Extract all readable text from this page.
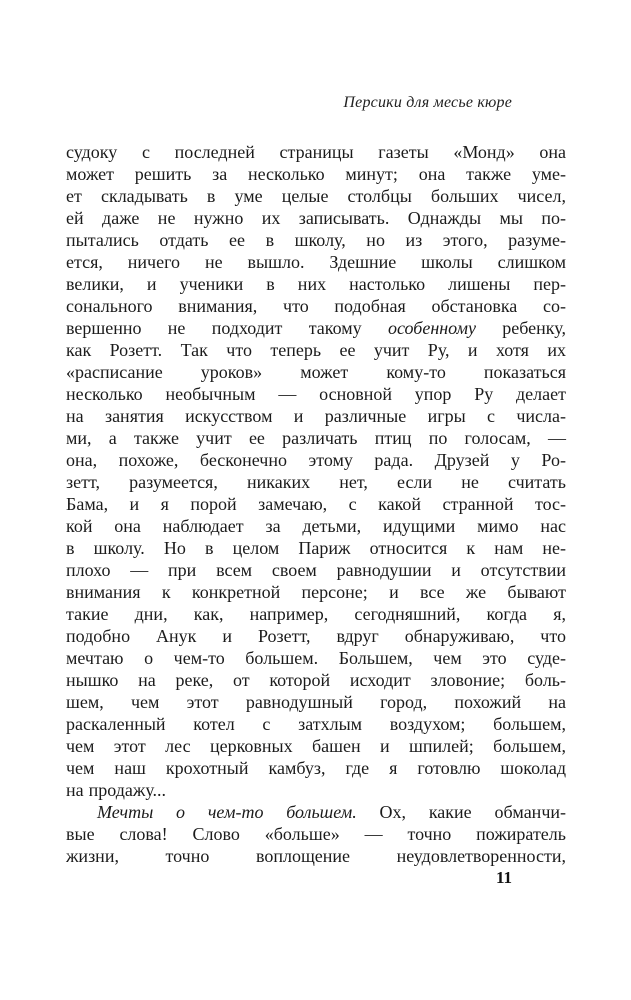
Персики для месье кюре
судоку с последней страницы газеты «Монд» она
может решить за несколько минут; она также уме-
ет складывать в уме целые столбцы больших чисел,
ей даже не нужно их записывать. Однажды мы по-
пытались отдать ее в школу, но из этого, разуме-
ется, ничего не вышло. Здешние школы слишком
велики, и ученики в них настолько лишены пер-
сонального внимания, что подобная обстановка со-
вершенно не подходит такому особенному ребенку,
как Розетт. Так что теперь ее учит Ру, и хотя их
«расписание уроков» может кому-то показаться
несколько необычным — основной упор Ру делает
на занятия искусством и различные игры с числа-
ми, а также учит ее различать птиц по голосам, —
она, похоже, бесконечно этому рада. Друзей у Ро-
зетт, разумеется, никаких нет, если не считать
Бама, и я порой замечаю, с какой странной тос-
кой она наблюдает за детьми, идущими мимо нас
в школу. Но в целом Париж относится к нам не-
плохо — при всем своем равнодушии и отсутствии
внимания к конкретной персоне; и все же бывают
такие дни, как, например, сегодняшний, когда я,
подобно Анук и Розетт, вдруг обнаруживаю, что
мечтаю о чем-то большем. Большем, чем это суде-
нышко на реке, от которой исходит зловоние; боль-
шем, чем этот равнодушный город, похожий на
раскаленный котел с затхлым воздухом; большем,
чем этот лес церковных башен и шпилей; большем,
чем наш крохотный камбуз, где я готовлю шоколад
на продажу...
Мечты о чем-то большем. Ох, какие обманчи-
вые слова! Слово «больше» — точно пожиратель
жизни, точно воплощение неудовлетворенности,
11
